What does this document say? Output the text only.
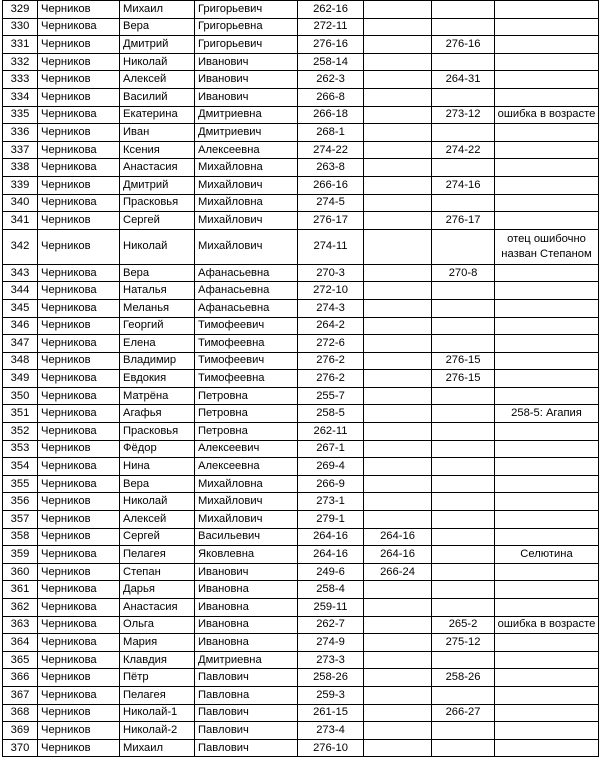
329	Черников	Михаил	Григорьевич	262-16			
330	Черникова	Вера	Григорьевна	272-11			
331	Черников	Дмитрий	Григорьевич	276-16		276-16	
332	Черников	Николай	Иванович	258-14			
333	Черников	Алексей	Иванович	262-3		264-31	
334	Черников	Василий	Иванович	266-8			
335	Черникова	Екатерина	Дмитриевна	266-18		273-12	ошибка в возрасте
336	Черников	Иван	Дмитриевич	268-1			
337	Черникова	Ксения	Алексеевна	274-22		274-22	
338	Черникова	Анастасия	Михайловна	263-8			
339	Черников	Дмитрий	Михайлович	266-16		274-16	
340	Черникова	Прасковья	Михайловна	274-5			
341	Черников	Сергей	Михайлович	276-17		276-17	
342	Черников	Николай	Михайлович	274-11			отец ошибочно назван Степаном
343	Черникова	Вера	Афанасьевна	270-3		270-8	
344	Черникова	Наталья	Афанасьевна	272-10			
345	Черникова	Меланья	Афанасьевна	274-3			
346	Черников	Георгий	Тимофеевич	264-2			
347	Черникова	Елена	Тимофеевна	272-6			
348	Черников	Владимир	Тимофеевич	276-2		276-15	
349	Черникова	Евдокия	Тимофеевна	276-2		276-15	
350	Черникова	Матрёна	Петровна	255-7			
351	Черникова	Агафья	Петровна	258-5			258-5: Агапия
352	Черникова	Прасковья	Петровна	262-11			
353	Черников	Фёдор	Алексеевич	267-1			
354	Черникова	Нина	Алексеевна	269-4			
355	Черникова	Вера	Михайловна	266-9			
356	Черников	Николай	Михайлович	273-1			
357	Черников	Алексей	Михайлович	279-1			
358	Черников	Сергей	Васильевич	264-16	264-16		
359	Черникова	Пелагея	Яковлевна	264-16	264-16		Селютина
360	Черников	Степан	Иванович	249-6	266-24		
361	Черникова	Дарья	Ивановна	258-4			
362	Черникова	Анастасия	Ивановна	259-11			
363	Черникова	Ольга	Ивановна	262-7		265-2	ошибка в возрасте
364	Черникова	Мария	Ивановна	274-9		275-12	
365	Черникова	Клавдия	Дмитриевна	273-3			
366	Черников	Пётр	Павлович	258-26		258-26	
367	Черникова	Пелагея	Павловна	259-3			
368	Черников	Николай-1	Павлович	261-15		266-27	
369	Черников	Николай-2	Павлович	273-4			
370	Черников	Михаил	Павлович	276-10			
